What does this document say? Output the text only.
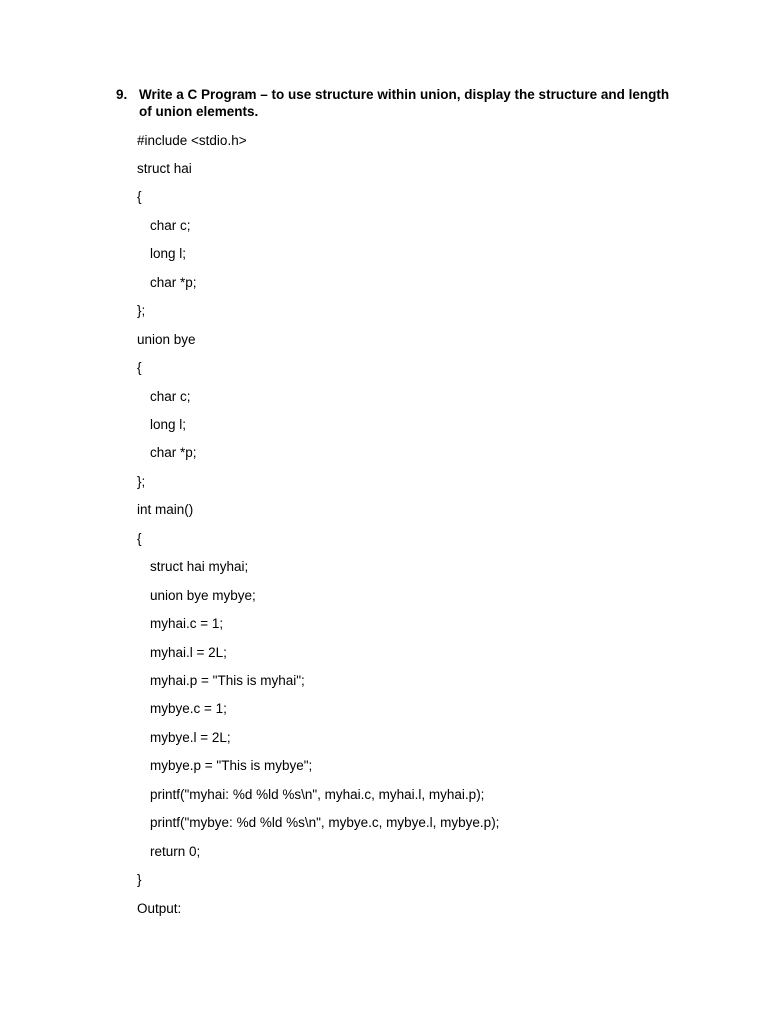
9. Write a C Program – to use structure within union, display the structure and length of union elements.
#include <stdio.h>
struct hai
{
char c;
long l;
char *p;
};
union bye
{
char c;
long l;
char *p;
};
int main()
{
struct hai myhai;
union bye mybye;
myhai.c = 1;
myhai.l = 2L;
myhai.p = "This is myhai";
mybye.c = 1;
mybye.l = 2L;
mybye.p = "This is mybye";
printf("myhai: %d %ld %s\n", myhai.c, myhai.l, myhai.p);
printf("mybye: %d %ld %s\n", mybye.c, mybye.l, mybye.p);
return 0;
}
Output:
